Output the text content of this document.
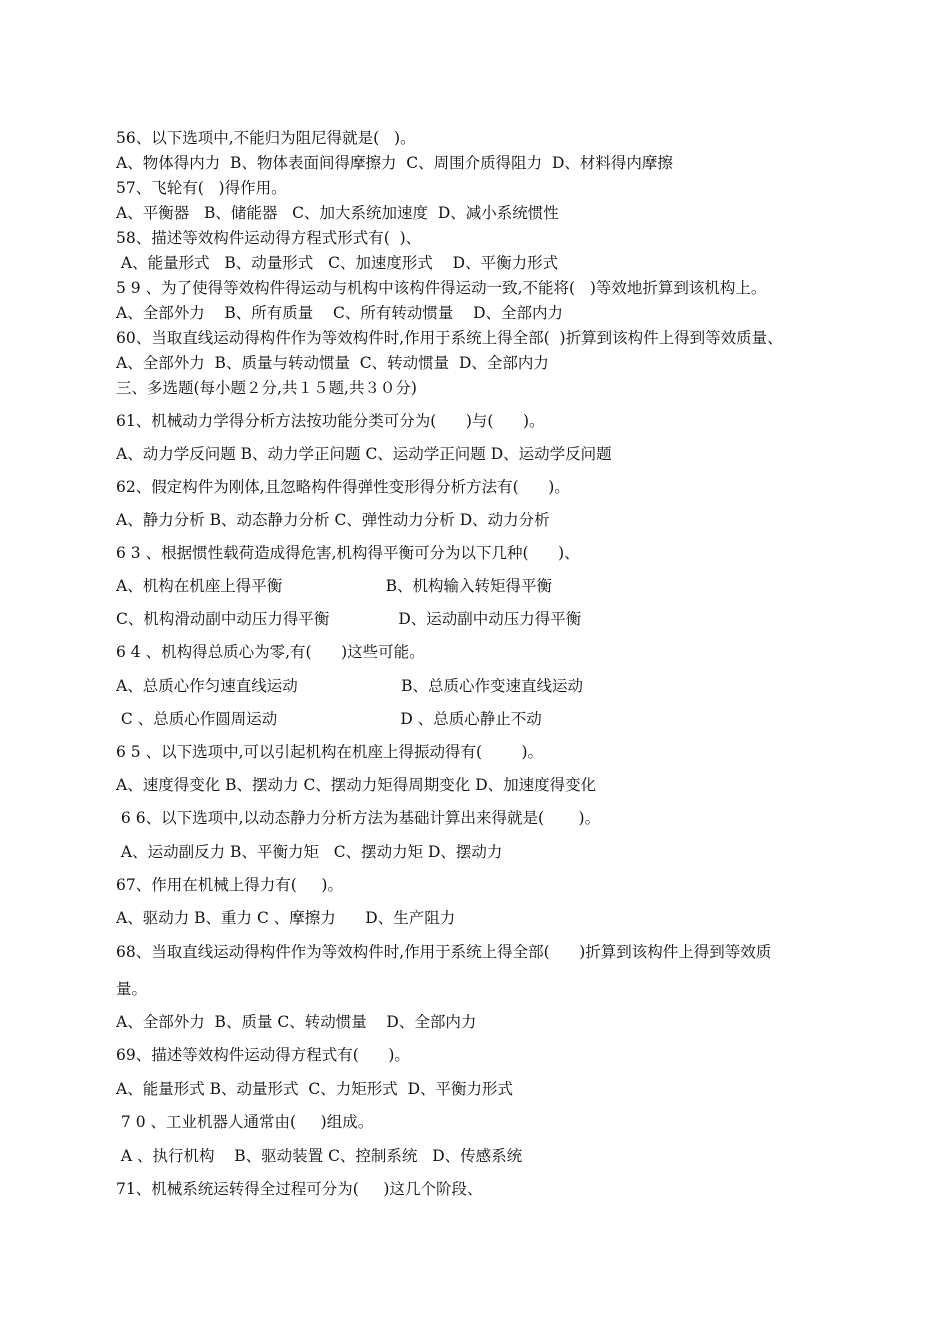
56、以下选项中,不能归为阻尼得就是(   )。
A、物体得内力  B、物体表面间得摩擦力  C、周围介质得阻力  D、材料得内摩擦
57、飞轮有(   )得作用。
A、平衡器   B、储能器   C、加大系统加速度  D、减小系统惯性
58、描述等效构件运动得方程式形式有(  )、
A、能量形式   B、动量形式   C、加速度形式    D、平衡力形式
5 9 、为了使得等效构件得运动与机构中该构件得运动一致,不能将(   )等效地折算到该机构上。
A、全部外力    B、所有质量    C、所有转动惯量    D、全部内力
60、当取直线运动得构件作为等效构件时,作用于系统上得全部(  )折算到该构件上得到等效质量、
A、全部外力  B、质量与转动惯量  C、转动惯量  D、全部内力
三、多选题(每小题２分,共１５题,共３０分)
61、机械动力学得分析方法按功能分类可分为(      )与(      )。
A、动力学反问题 B、动力学正问题 C、运动学正问题 D、运动学反问题
62、假定构件为刚体,且忽略构件得弹性变形得分析方法有(      )。
A、静力分析 B、动态静力分析 C、弹性动力分析 D、动力分析
6 3 、根据惯性载荷造成得危害,机构得平衡可分为以下几种(      )、
A、机构在机座上得平衡                     B、机构输入转矩得平衡
C、机构滑动副中动压力得平衡              D、运动副中动压力得平衡
6 4 、机构得总质心为零,有(      )这些可能。
A、总质心作匀速直线运动                     B、总质心作变速直线运动
C 、总质心作圆周运动                         D 、总质心静止不动
6 5 、以下选项中,可以引起机构在机座上得振动得有(        )。
A、速度得变化 B、摆动力 C、摆动力矩得周期变化 D、加速度得变化
6 6、以下选项中,以动态静力分析方法为基础计算出来得就是(       )。
A、运动副反力 B、平衡力矩   C、摆动力矩 D、摆动力
67、作用在机械上得力有(     )。
A、驱动力 B、重力 C 、摩擦力      D、生产阻力
68、当取直线运动得构件作为等效构件时,作用于系统上得全部(      )折算到该构件上得到等效质
量。
A、全部外力  B、质量 C、转动惯量    D、全部内力
69、描述等效构件运动得方程式有(      )。
A、能量形式 B、动量形式  C、力矩形式  D、平衡力形式
7 0 、工业机器人通常由(     )组成。
A 、执行机构    B、驱动装置 C、控制系统   D、传感系统
71、机械系统运转得全过程可分为(     )这几个阶段、
